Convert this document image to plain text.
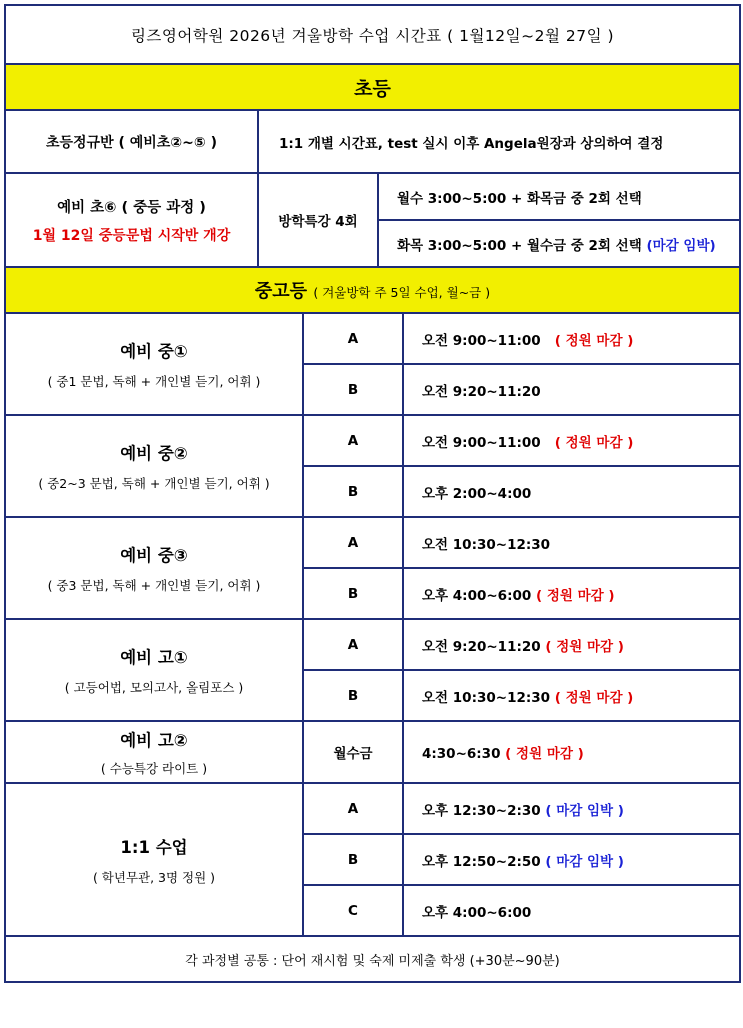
링즈영어학원 2026년 겨울방학 수업 시간표 ( 1월12일~2월 27일 )				
초등				
초등정규반 ( 예비초②~⑤ )	1:1 개별 시간표, test 실시 이후 Angela원장과 상의하여 결정			

예비 초⑥ ( 중등 과정 )
1월 12일 중등문법 시작반 개강	방학특강 4회		월수 3:00~5:00 + 화목금 중 2회 선택	
			화목 3:00~5:00 + 월수금 중 2회 선택 (마감 임박)	
중고등 ( 겨울방학 주 5일 수업, 월~금 )				

예비 중①
( 중1 문법, 독해 + 개인별 듣기, 어휘 )		A		오전 9:00~11:00 ( 정원 마감 )
		B		오전 9:20~11:20

예비 중②
( 중2~3 문법, 독해 + 개인별 듣기, 어휘 )		A		오전 9:00~11:00 ( 정원 마감 )
		B		오후 2:00~4:00

예비 중③
( 중3 문법, 독해 + 개인별 듣기, 어휘 )		A		오전 10:30~12:30
		B		오후 4:00~6:00 ( 정원 마감 )

예비 고①
( 고등어법, 모의고사, 올림포스 )		A		오전 9:20~11:20 ( 정원 마감 )
		B		오전 10:30~12:30 ( 정원 마감 )

예비 고②
( 수능특강 라이트 )		월수금		4:30~6:30 ( 정원 마감 )

1:1 수업
( 학년무관, 3명 정원 )		A		오후 12:30~2:30 ( 마감 임박 )
		B		오후 12:50~2:50 ( 마감 임박 )
		C		오후 4:00~6:00
각 과정별 공통 : 단어 재시험 및 숙제 미제출 학생 (+30분~90분)				
